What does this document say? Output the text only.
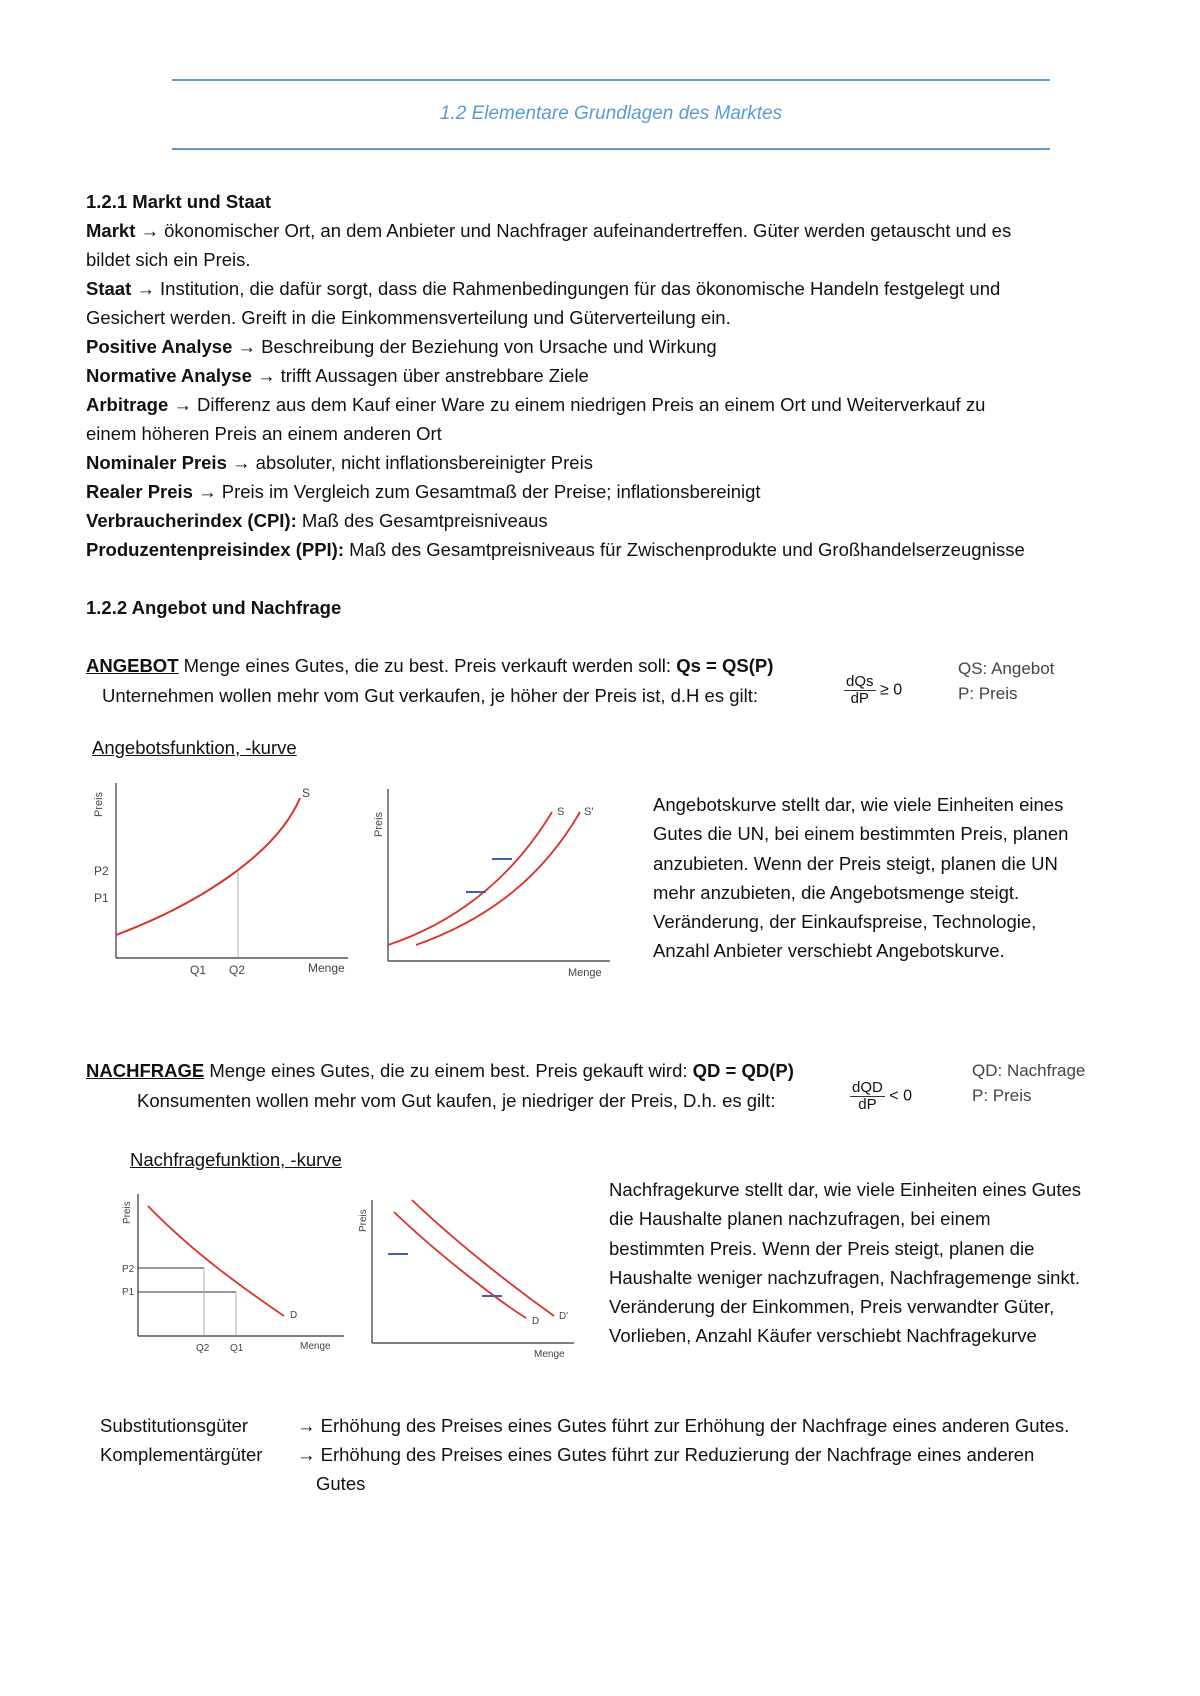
1.2 Elementare Grundlagen des Marktes
1.2.1 Markt und Staat
Markt → ökonomischer Ort, an dem Anbieter und Nachfrager aufeinandertreffen. Güter werden getauscht und es
bildet sich ein Preis.
Staat → Institution, die dafür sorgt, dass die Rahmenbedingungen für das ökonomische Handeln festgelegt und
Gesichert werden. Greift in die Einkommensverteilung und Güterverteilung ein.
Positive Analyse → Beschreibung der Beziehung von Ursache und Wirkung
Normative Analyse → trifft Aussagen über anstrebbare Ziele
Arbitrage → Differenz aus dem Kauf einer Ware zu einem niedrigen Preis an einem Ort und Weiterverkauf zu
einem höheren Preis an einem anderen Ort
Nominaler Preis → absoluter, nicht inflationsbereinigter Preis
Realer Preis → Preis im Vergleich zum Gesamtmaß der Preise; inflationsbereinigt
Verbraucherindex (CPI): Maß des Gesamtpreisniveaus
Produzentenpreisindex (PPI): Maß des Gesamtpreisniveaus für Zwischenprodukte und Großhandelserzeugnisse
1.2.2 Angebot und Nachfrage
ANGEBOT Menge eines Gutes, die zu best. Preis verkauft werden soll: Qs = QS(P)
Unternehmen wollen mehr vom Gut verkaufen, je höher der Preis ist, d.H es gilt:	$\frac{\text{dQs}}{dP} \ge 0$
QS: Angebot
P: Preis
Angebotsfunktion, -kurve
Preis	S
P2
P1
Q1 Q2	Menge
Preis	S S'
Menge
Angebotskurve stellt dar, wie viele Einheiten eines
Gutes die UN, bei einem bestimmten Preis, planen
anzubieten. Wenn der Preis steigt, planen die UN
mehr anzubieten, die Angebotsmenge steigt.
Veränderung, der Einkaufspreise, Technologie,
Anzahl Anbieter verschiebt Angebotskurve.
NACHFRAGE Menge eines Gutes, die zu einem best. Preis gekauft wird: QD = QD(P)
Konsumenten wollen mehr vom Gut kaufen, je niedriger der Preis, D.h. es gilt:	$\frac{\text{dQD}}{dP} < 0$
QD: Nachfrage
P: Preis
Nachfragefunktion, -kurve
Preis
P2
P1
D
Q2 Q1	Menge
Preis
D D'
Menge
Nachfragekurve stellt dar, wie viele Einheiten eines Gutes
die Haushalte planen nachzufragen, bei einem
bestimmten Preis. Wenn der Preis steigt, planen die
Haushalte weniger nachzufragen, Nachfragemenge sinkt.
Veränderung der Einkommen, Preis verwandter Güter,
Vorlieben, Anzahl Käufer verschiebt Nachfragekurve
Substitutionsgüter	→ Erhöhung des Preises eines Gutes führt zur Erhöhung der Nachfrage eines anderen Gutes.
Komplementärgüter → Erhöhung des Preises eines Gutes führt zur Reduzierung der Nachfrage eines anderen
Gutes
